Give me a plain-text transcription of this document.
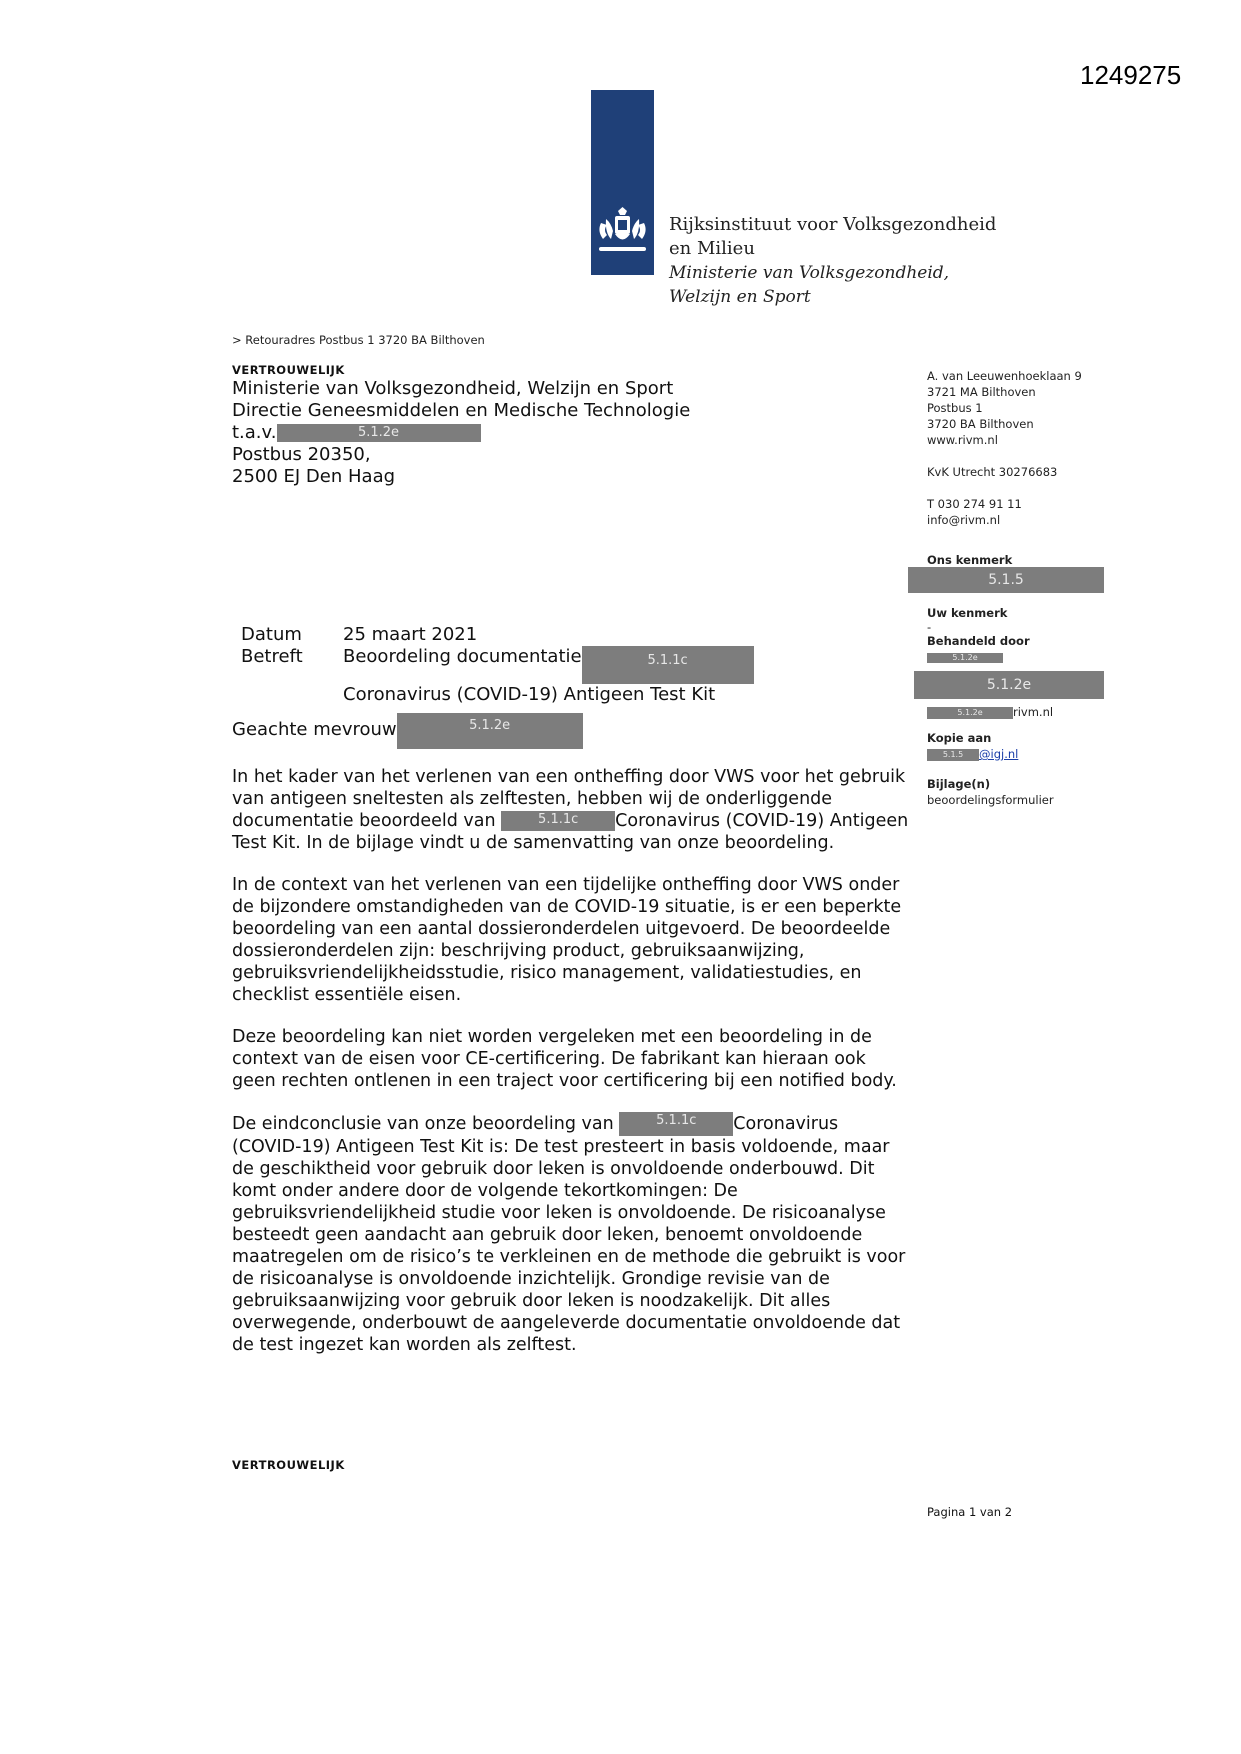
1249275
Rijksinstituut voor Volksgezondheid
en Milieu
Ministerie van Volksgezondheid,
Welzijn en Sport
> Retouradres Postbus 1 3720 BA Bilthoven
VERTROUWELIJK
Ministerie van Volksgezondheid, Welzijn en Sport
Directie Geneesmiddelen en Medische Technologie
t.a.v.	5.1.2e
Postbus 20350,
2500 EJ Den Haag
A. van Leeuwenhoeklaan 9
3721 MA Bilthoven
Postbus 1
3720 BA Bilthoven
www.rivm.nl
KvK Utrecht 30276683
T 030 274 91 11
info@rivm.nl
Ons kenmerk
5.1.5
Uw kenmerk
-
Behandeld door
5.1.2e
5.1.2e
5.1.2e	rivm.nl
Kopie aan
5.1.5 @igj.nl
Bijlage(n)
beoordelingsformulier
Datum 25 maart 2021
Betreft Beoordeling documentatie	5.1.1c
Coronavirus (COVID-19) Antigeen Test Kit
Geachte mevrouw	5.1.2e

In het kader van het verlenen van een ontheffing door VWS voor het gebruik van antigeen sneltesten als zelftesten, hebben wij de onderliggende documentatie beoordeeld van	5.1.1c Coronavirus (COVID-19) Antigeen Test Kit. In de bijlage vindt u de samenvatting van onze beoordeling.

In de context van het verlenen van een tijdelijke ontheffing door VWS onder de bijzondere omstandigheden van de COVID-19 situatie, is er een beperkte beoordeling van een aantal dossieronderdelen uitgevoerd. De beoordeelde dossieronderdelen zijn: beschrijving product, gebruiksaanwijzing, gebruiksvriendelijkheidsstudie, risico management, validatiestudies, en checklist essentiële eisen.

Deze beoordeling kan niet worden vergeleken met een beoordeling in de context van de eisen voor CE-certificering. De fabrikant kan hieraan ook geen rechten ontlenen in een traject voor certificering bij een notified body.

De eindconclusie van onze beoordeling van	5.1.1c Coronavirus (COVID-19) Antigeen Test Kit is: De test presteert in basis voldoende, maar de geschiktheid voor gebruik door leken is onvoldoende onderbouwd. Dit komt onder andere door de volgende tekortkomingen: De gebruiksvriendelijkheid studie voor leken is onvoldoende. De risicoanalyse besteedt geen aandacht aan gebruik door leken, benoemt onvoldoende maatregelen om de risico’s te verkleinen en de methode die gebruikt is voor de risicoanalyse is onvoldoende inzichtelijk. Grondige revisie van de gebruiksaanwijzing voor gebruik door leken is noodzakelijk. Dit alles overwegende, onderbouwt de aangeleverde documentatie onvoldoende dat de test ingezet kan worden als zelftest.

VERTROUWELIJK
Pagina 1 van 2
